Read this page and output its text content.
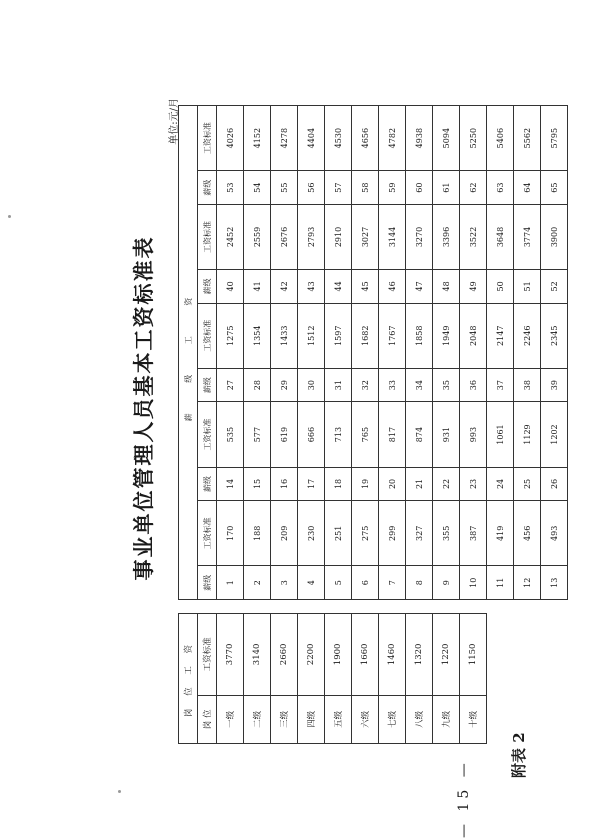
附表 2
事业单位管理人员基本工资标准表
单位:元/月
— 15 —
岗 位 工 资	
岗 位	工资标准
一级	3770
二级	3140
三级	2660
四级	2200
五级	1900
六级	1660
七级	1460
八级	1320
九级	1220
十级	1150
薪 级 工 资									
薪级	工资标准	薪级	工资标准	薪级	工资标准	薪级	工资标准	薪级	工资标准
1	170	14	535	27	1275	40	2452	53	4026
2	188	15	577	28	1354	41	2559	54	4152
3	209	16	619	29	1433	42	2676	55	4278
4	230	17	666	30	1512	43	2793	56	4404
5	251	18	713	31	1597	44	2910	57	4530
6	275	19	765	32	1682	45	3027	58	4656
7	299	20	817	33	1767	46	3144	59	4782
8	327	21	874	34	1858	47	3270	60	4938
9	355	22	931	35	1949	48	3396	61	5094
10	387	23	993	36	2048	49	3522	62	5250
11	419	24	1061	37	2147	50	3648	63	5406
12	456	25	1129	38	2246	51	3774	64	5562
13	493	26	1202	39	2345	52	3900	65	5795
